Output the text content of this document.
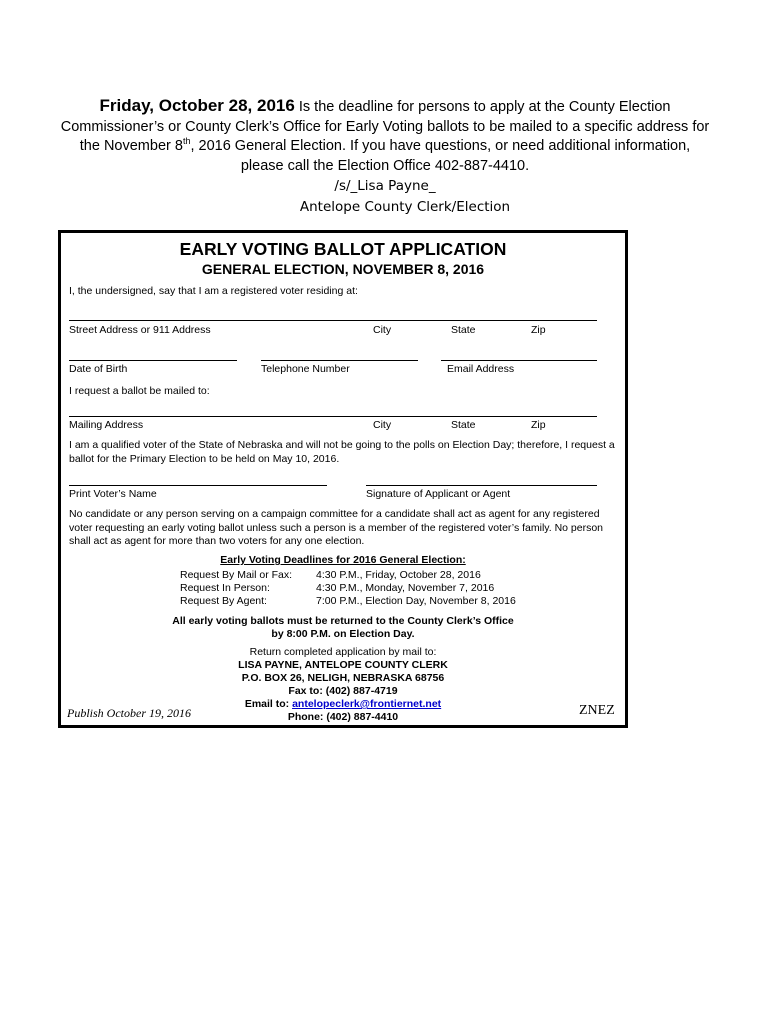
Friday, October 28, 2016 Is the deadline for persons to apply at the County Election Commissioner’s or County Clerk’s Office for Early Voting ballots to be mailed to a specific address for the November 8th, 2016 General Election. If you have questions, or need additional information, please call the Election Office 402-887-4410.
/s/_Lisa Payne_
Antelope County Clerk/Election
EARLY VOTING BALLOT APPLICATION
GENERAL ELECTION, NOVEMBER 8, 2016
I, the undersigned, say that I am a registered voter residing at:
Street Address or 911 Address	City	State	Zip
Date of Birth	Telephone Number	Email Address
I request a ballot be mailed to:
Mailing Address	City	State	Zip
I am a qualified voter of the State of Nebraska and will not be going to the polls on Election Day; therefore, I request a ballot for the Primary Election to be held on May 10, 2016.
Print Voter’s Name	Signature of Applicant or Agent
No candidate or any person serving on a campaign committee for a candidate shall act as agent for any registered voter requesting an early voting ballot unless such a person is a member of the registered voter’s family. No person shall act as agent for more than two voters for any one election.
Early Voting Deadlines for 2016 General Election:
Request By Mail or Fax: 4:30 P.M., Friday, October 28, 2016
Request In Person:	4:30 P.M., Monday, November 7, 2016
Request By Agent:	7:00 P.M., Election Day, November 8, 2016
All early voting ballots must be returned to the County Clerk’s Office
by 8:00 P.M. on Election Day.
Return completed application by mail to:
LISA PAYNE, ANTELOPE COUNTY CLERK
P.O. BOX 26, NELIGH, NEBRASKA 68756
Fax to: (402) 887-4719
Email to: antelopeclerk@frontiernet.net
Phone: (402) 887-4410
Publish October 19, 2016	ZNEZ
